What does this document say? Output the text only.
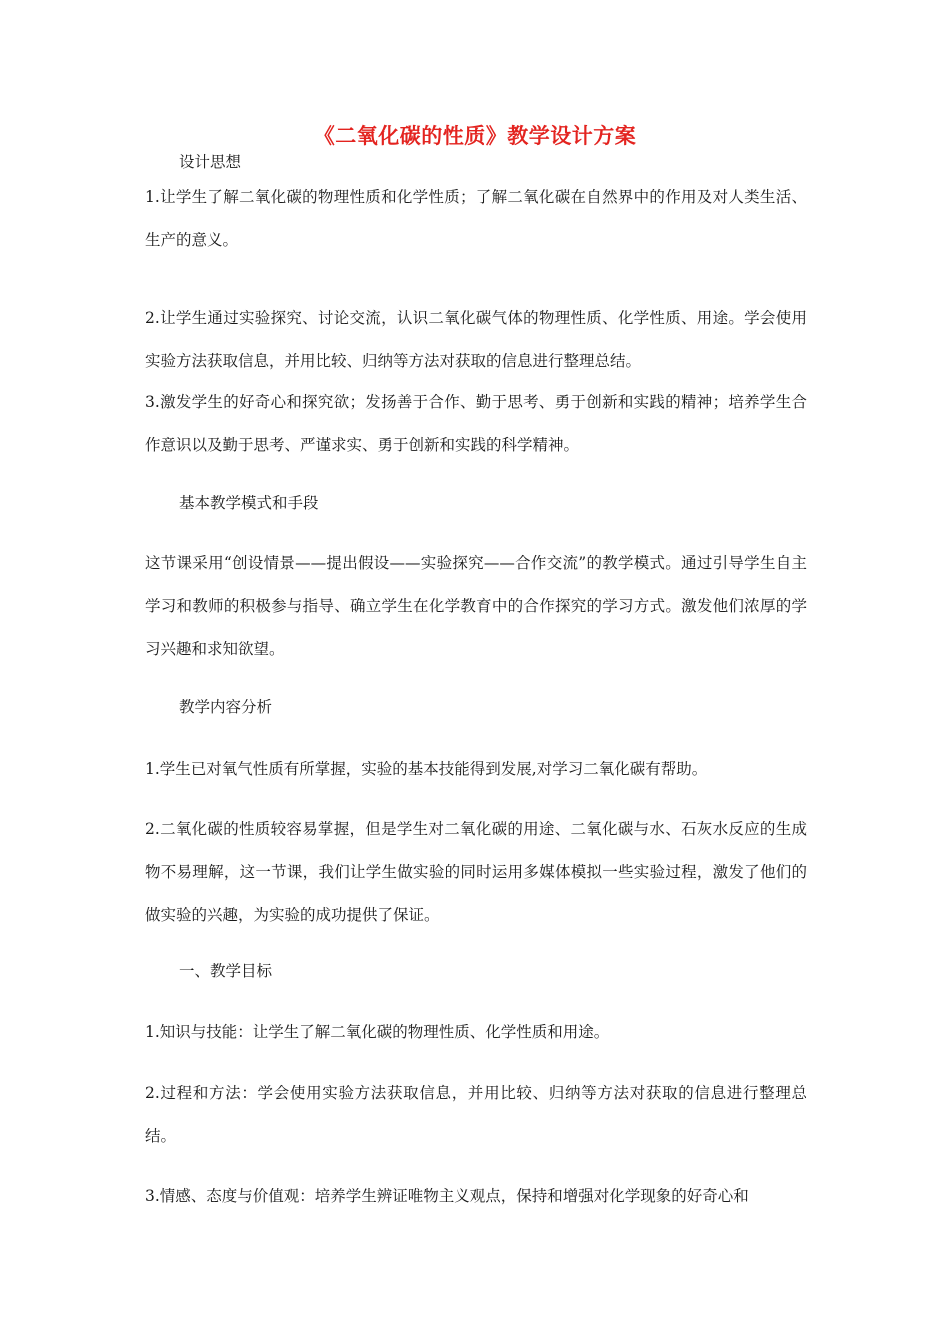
《二氧化碳的性质》教学设计方案
设计思想
1.让学生了解二氧化碳的物理性质和化学性质；了解二氧化碳在自然界中的作用及对人类生活、生产的意义。
2.让学生通过实验探究、讨论交流，认识二氧化碳气体的物理性质、化学性质、用途。学会使用实验方法获取信息，并用比较、归纳等方法对获取的信息进行整理总结。
3.激发学生的好奇心和探究欲；发扬善于合作、勤于思考、勇于创新和实践的精神；培养学生合作意识以及勤于思考、严谨求实、勇于创新和实践的科学精神。
基本教学模式和手段
这节课采用“创设情景——提出假设——实验探究——合作交流”的教学模式。通过引导学生自主学习和教师的积极参与指导、确立学生在化学教育中的合作探究的学习方式。激发他们浓厚的学习兴趣和求知欲望。
教学内容分析
1.学生已对氧气性质有所掌握，实验的基本技能得到发展,对学习二氧化碳有帮助。
2.二氧化碳的性质较容易掌握，但是学生对二氧化碳的用途、二氧化碳与水、石灰水反应的生成物不易理解，这一节课，我们让学生做实验的同时运用多媒体模拟一些实验过程，激发了他们的做实验的兴趣，为实验的成功提供了保证。
一、教学目标
1.知识与技能：让学生了解二氧化碳的物理性质、化学性质和用途。
2.过程和方法：学会使用实验方法获取信息，并用比较、归纳等方法对获取的信息进行整理总结。
3.情感、态度与价值观：培养学生辨证唯物主义观点，保持和增强对化学现象的好奇心和
